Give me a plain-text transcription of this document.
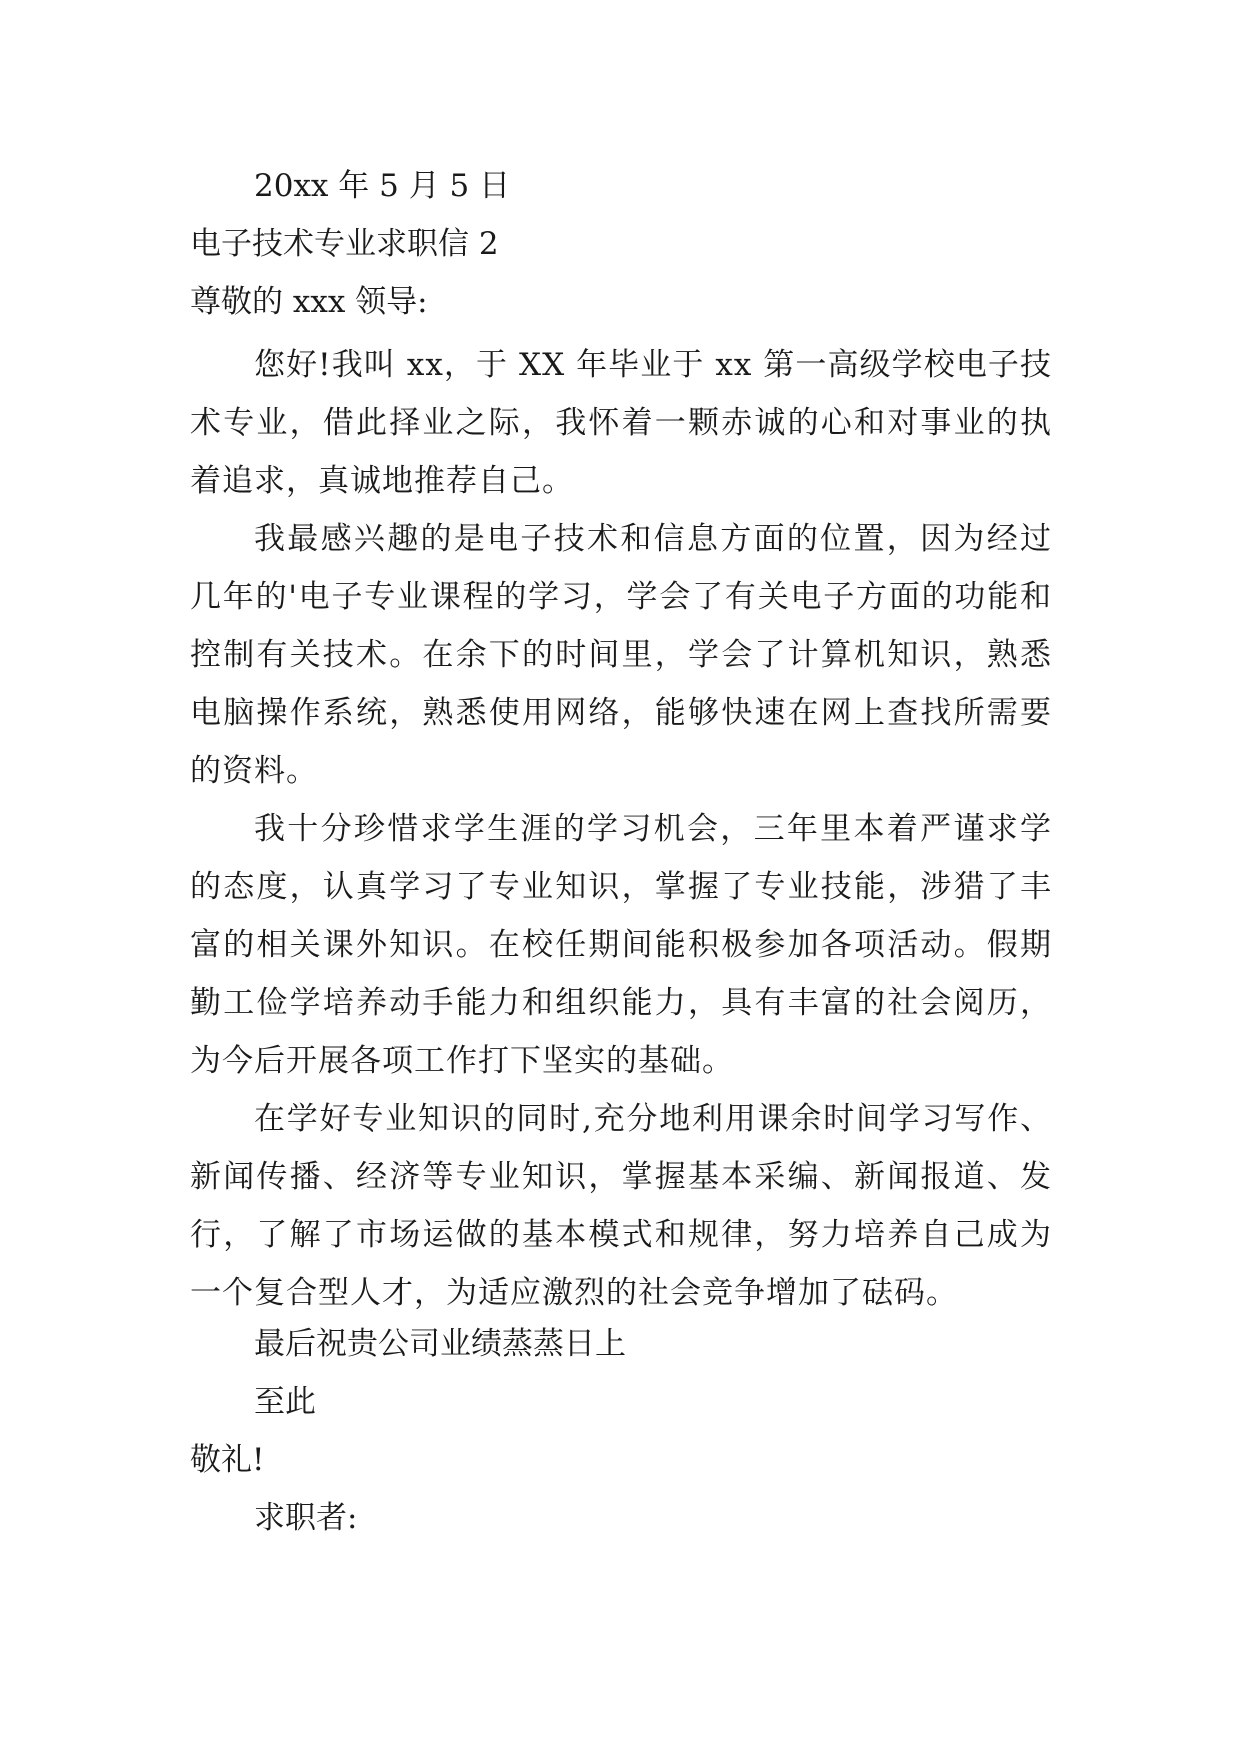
20xx 年 5 月 5 日

电子技术专业求职信 2

尊敬的 xxx 领导:

您好!我叫 xx，于 XX 年毕业于 xx 第一高级学校电子技术专业，借此择业之际，我怀着一颗赤诚的心和对事业的执着追求，真诚地推荐自己。

我最感兴趣的是电子技术和信息方面的位置，因为经过几年的'电子专业课程的学习，学会了有关电子方面的功能和控制有关技术。在余下的时间里，学会了计算机知识，熟悉电脑操作系统，熟悉使用网络，能够快速在网上查找所需要的资料。

我十分珍惜求学生涯的学习机会，三年里本着严谨求学的态度，认真学习了专业知识，掌握了专业技能，涉猎了丰富的相关课外知识。在校任期间能积极参加各项活动。假期勤工俭学培养动手能力和组织能力，具有丰富的社会阅历，为今后开展各项工作打下坚实的基础。

在学好专业知识的同时,充分地利用课余时间学习写作、新闻传播、经济等专业知识，掌握基本采编、新闻报道、发行，了解了市场运做的基本模式和规律，努力培养自己成为一个复合型人才，为适应激烈的社会竞争增加了砝码。

最后祝贵公司业绩蒸蒸日上

至此

敬礼!

求职者:
